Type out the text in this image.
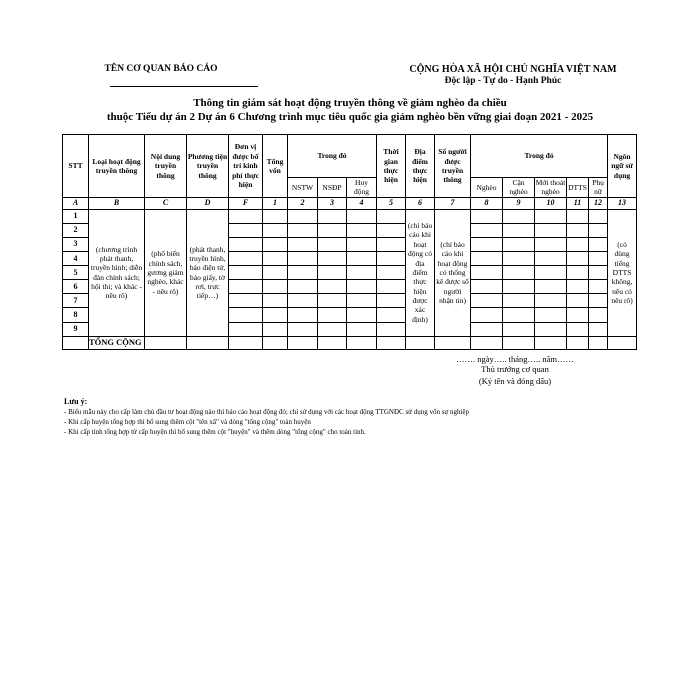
TÊN CƠ QUAN BÁO CÁO	CỘNG HÒA XÃ HỘI CHỦ NGHĨA VIỆT NAM
Độc lập - Tự do - Hạnh Phúc
Thông tin giám sát hoạt động truyền thông về giảm nghèo đa chiều
thuộc Tiểu dự án 2 Dự án 6 Chương trình mục tiêu quốc gia giảm nghèo bền vững giai đoạn 2021 - 2025
STT	Loại hoạt động truyền thông	Nội dung truyền thông	Phương tiện truyền thông	Đơn vị được bố trí kinh phí thực hiện	Tổng vốn	Trong đó			Thời gian thực hiện	Địa điểm thực hiện	Số người được truyền thông	Trong đó					Ngôn ngữ sử dụng
						NSTW	NSĐP	Huy động				Nghèo	Cận nghèo	Mới thoát nghèo	DTTS	Phụ nữ	
A	B	C	D	F	1	2	3	4	5	6	7	8	9	10	11	12	13
1	(chương trình phát thanh, truyền hình; diễn đàn chính sách; hội thi; và khác - nêu rõ)	(phổ biến chính sách, gương giảm nghèo, khác - nêu rõ)	(phát thanh, truyền hình, báo điện tử, báo giấy, tờ rơi, trực tiếp…)							(chỉ báo cáo khi hoạt động có địa điểm thực hiện được xác định)	(chỉ báo cáo khi hoạt động có thống kê được số người nhận tin)						(có dùng tiếng DTTS không, nêu có nêu rõ)
2																	
3																	
4																	
5																	
6																	
7																	
8																	
9																	
	TỔNG CỘNG																
……. ngày….. tháng….. năm……
Thủ trưởng cơ quan
(Ký tên và đóng dấu)
Lưu ý:
- Biểu mẫu này cho cấp làm chủ đầu tư hoạt động nào thì báo cáo hoạt động đó; chỉ sử dụng với các hoạt động TTGNĐC sử dụng vốn sự nghiệp
- Khi cấp huyện tổng hợp thì bổ sung thêm cột "tên xã" và dòng "tổng cộng" toàn huyện
- Khi cấp tỉnh tổng hợp từ cấp huyện thì bổ sung thêm cột "huyện" và thêm dòng "tổng cộng" cho toàn tỉnh.
